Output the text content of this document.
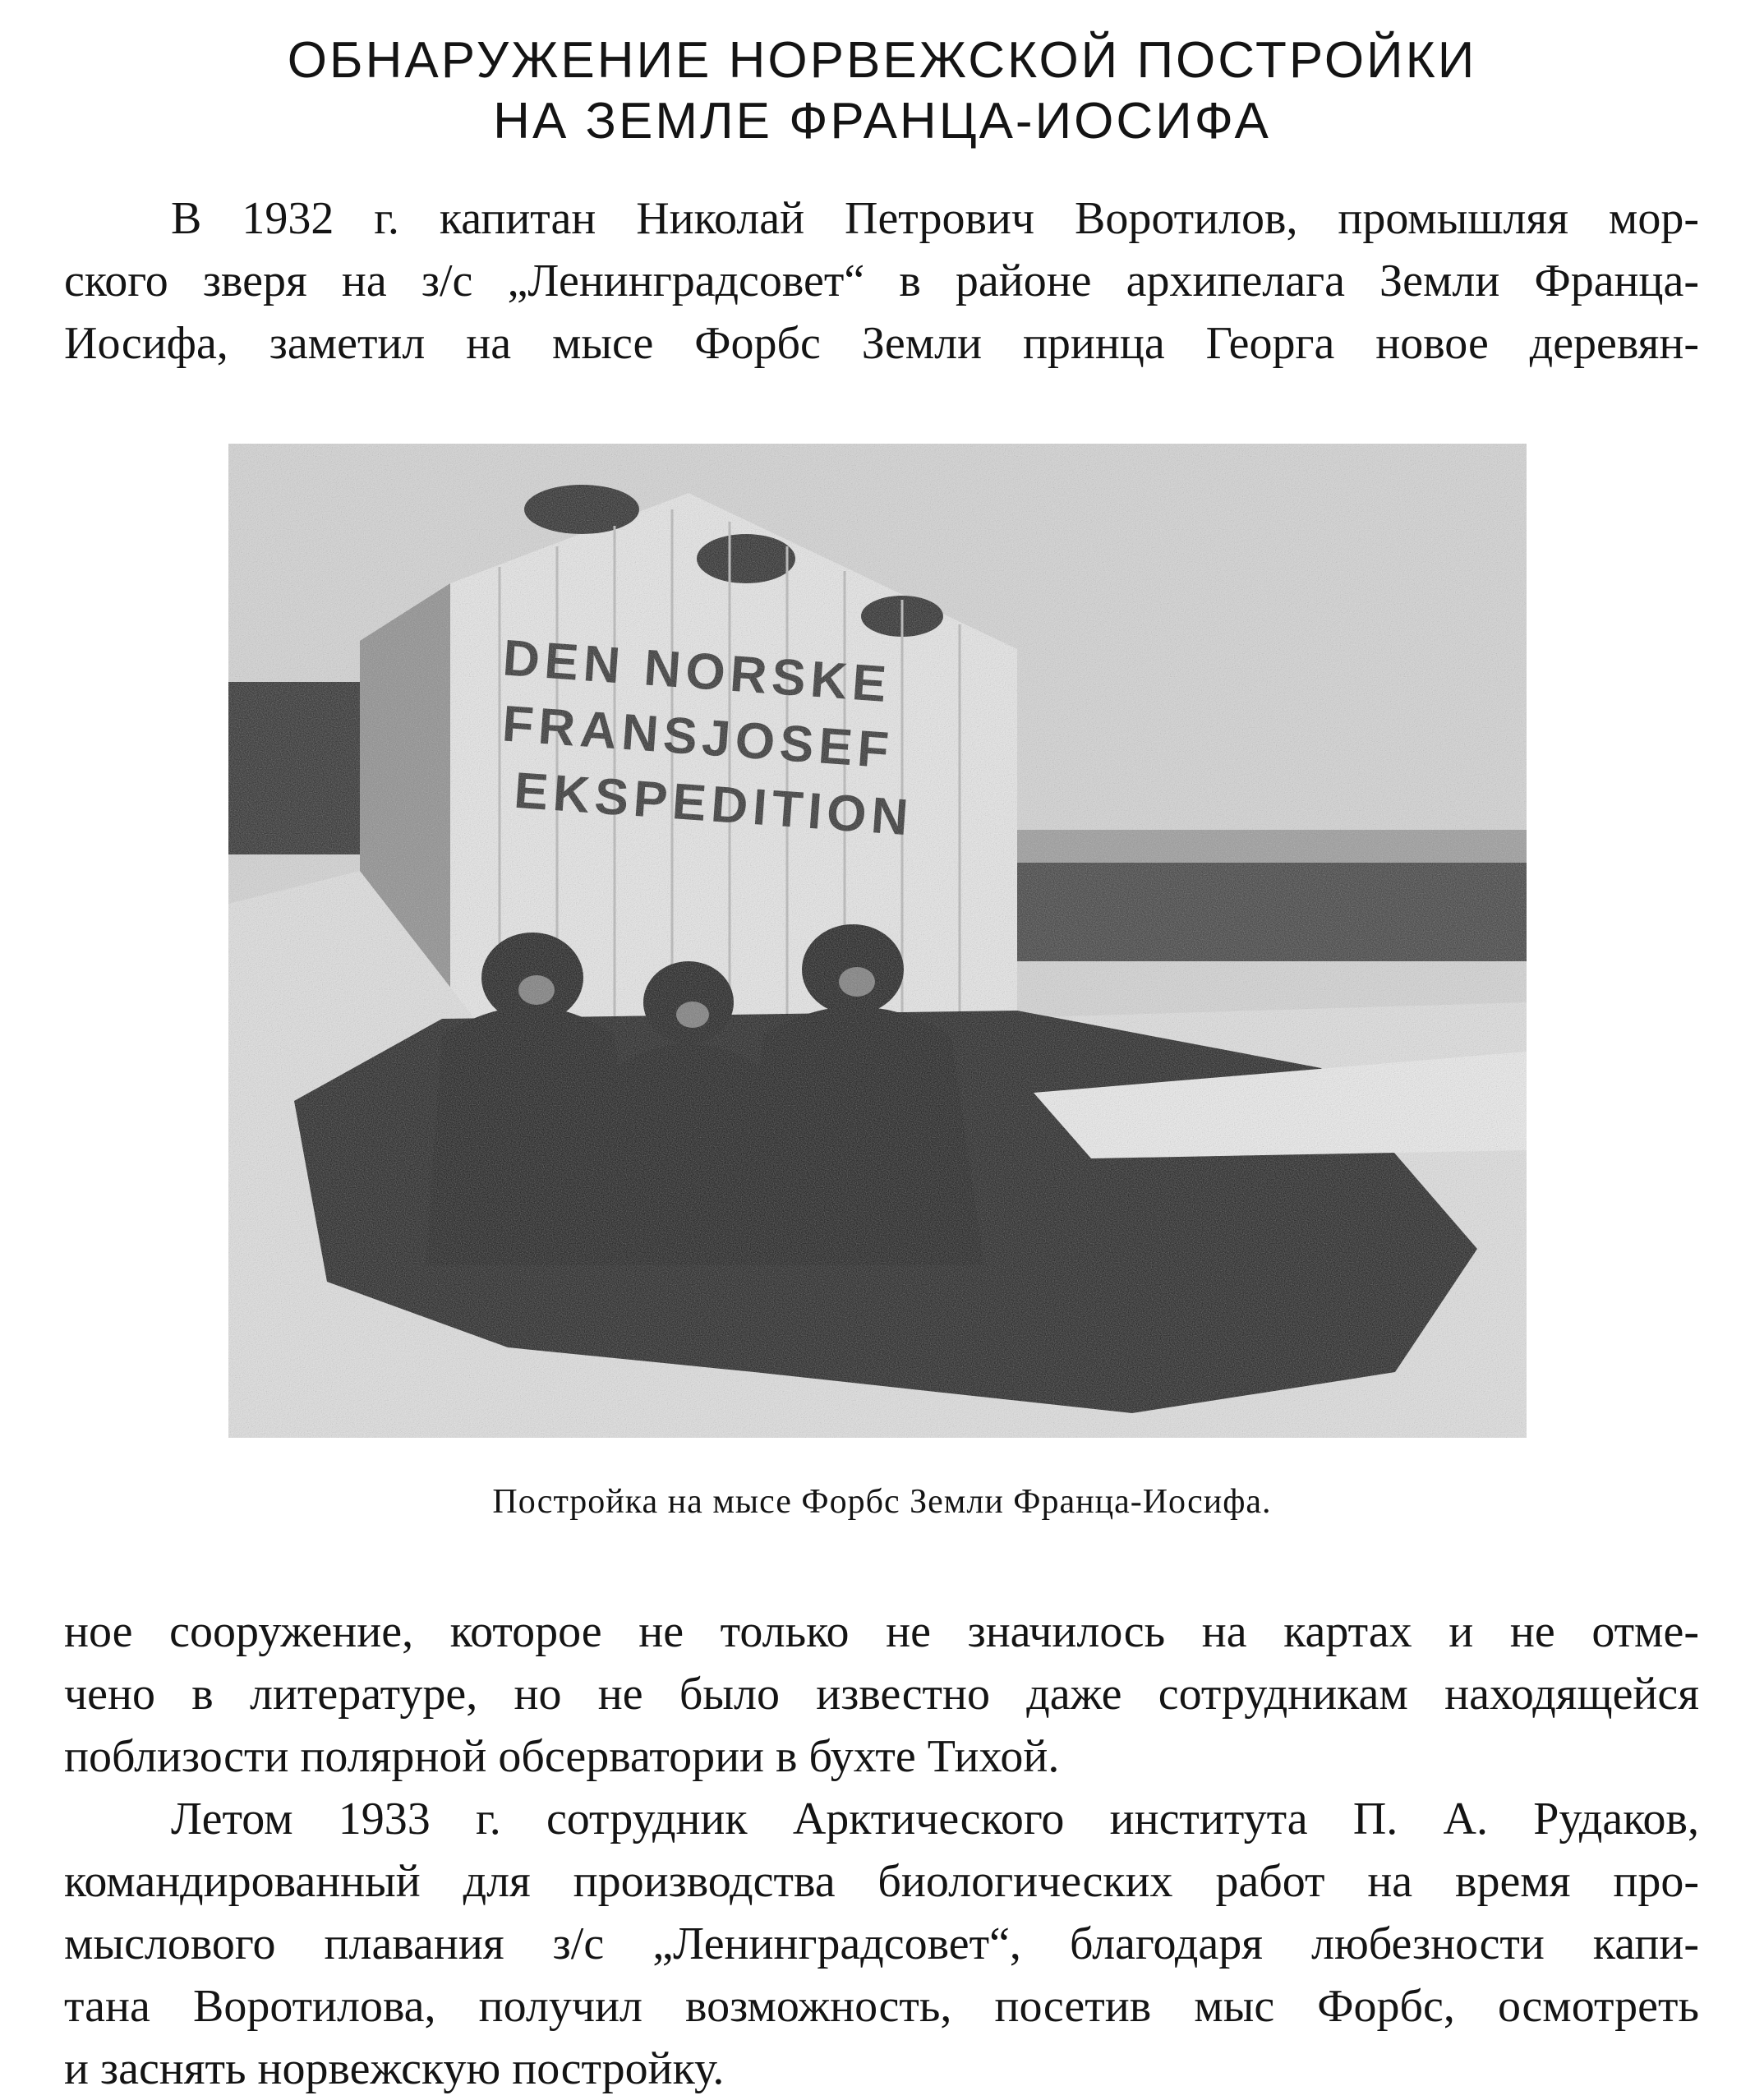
ОБНАРУЖЕНИЕ НОРВЕЖСКОЙ ПОСТРОЙКИ
НА ЗЕМЛЕ ФРАНЦА-ИОСИФА
В 1932 г. капитан Николай Петрович Воротилов, промышляя мор-
ского зверя на з/с „Ленинградсовет“ в районе архипелага Земли Франца-
Иосифа, заметил на мысе Форбс Земли принца Георга новое деревян-
Постройка на мысе Форбс Земли Франца-Иосифа.
ное сооружение, которое не только не значилось на картах и не отме-
чено в литературе, но не было известно даже сотрудникам находящейся
поблизости полярной обсерватории в бухте Тихой.
Летом 1933 г. сотрудник Арктического института П. А. Рудаков,
командированный для производства биологических работ на время про-
мыслового плавания з/с „Ленинградсовет“, благодаря любезности капи-
тана Воротилова, получил возможность, посетив мыс Форбс, осмотреть
и заснять норвежскую постройку.
